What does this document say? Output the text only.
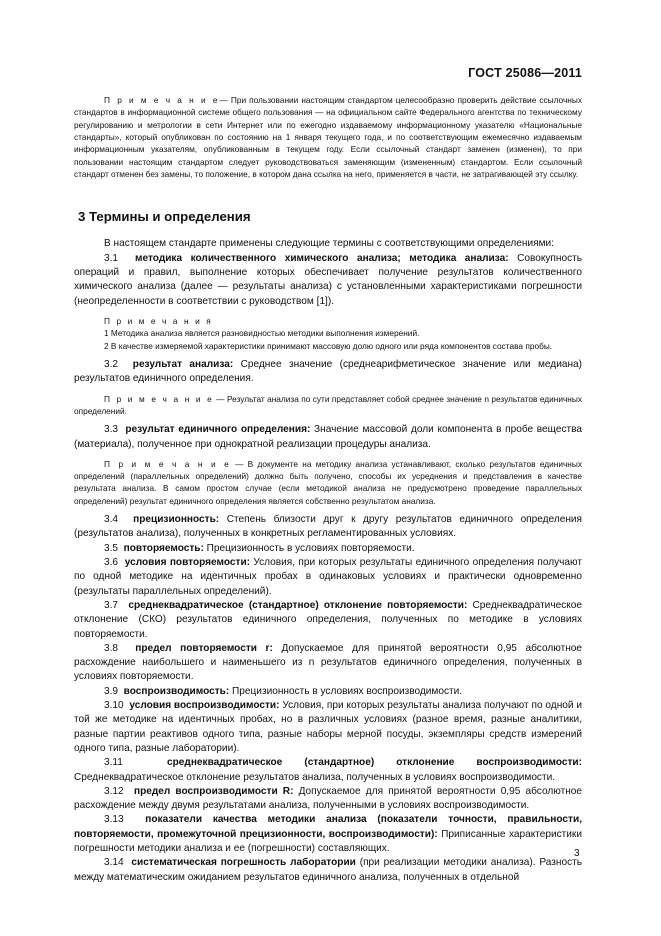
ГОСТ 25086—2011

П р и м е ч а н и е— При пользовании настоящим стандартом целесообразно проверить действие ссылочных стандартов в информационной системе общего пользования — на официальном сайте Федерального агентства по техническому регулированию и метрологии в сети Интернет или по ежегодно издаваемому информационному указателю «Национальные стандарты», который опубликован по состоянию на 1 января текущего года, и по соответствующим ежемесячно издаваемым информационным указателям, опубликованным в текущем году. Если ссылочный стандарт заменен (изменен), то при пользовании настоящим стандартом следует руководствоваться заменяющим (измененным) стандартом. Если ссылочный стандарт отменен без замены, то положение, в котором дана ссылка на него, применяется в части, не затрагивающей эту ссылку.

3 Термины и определения

В настоящем стандарте применены следующие термины с соответствующими определениями:

3.1 методика количественного химического анализа; методика анализа: Совокупность операций и правил, выполнение которых обеспечивает получение результатов количественного химического анализа (далее — результаты анализа) с установленными характеристиками погрешности (неопределенности в соответствии с руководством [1]).

П р и м е ч а н и я

1 Методика анализа является разновидностью методики выполнения измерений.

2 В качестве измеряемой характеристики принимают массовую долю одного или ряда компонентов состава пробы.

3.2 результат анализа: Среднее значение (среднеарифметическое значение или медиана) результатов единичного определения.

П р и м е ч а н и е — Результат анализа по сути представляет собой среднее значение n результатов единичных определений.

3.3 результат единичного определения: Значение массовой доли компонента в пробе вещества (материала), полученное при однократной реализации процедуры анализа.

П р и м е ч а н и е — В документе на методику анализа устанавливают, сколько результатов единичных определений (параллельных определений) должно быть получено, способы их усреднения и представления в качестве результата анализа. В самом простом случае (если методикой анализа не предусмотрено проведение параллельных определений) результат единичного определения является собственно результатом анализа.

3.4 прецизионность: Степень близости друг к другу результатов единичного определения (результатов анализа), полученных в конкретных регламентированных условиях.

3.5 повторяемость: Прецизионность в условиях повторяемости.

3.6 условия повторяемости: Условия, при которых результаты единичного определения получают по одной методике на идентичных пробах в одинаковых условиях и практически одновременно (результаты параллельных определений).

3.7 среднеквадратическое (стандартное) отклонение повторяемости: Среднеквадратическое отклонение (СКО) результатов единичного определения, полученных по методике в условиях повторяемости.

3.8 предел повторяемости r: Допускаемое для принятой вероятности 0,95 абсолютное расхождение наибольшего и наименьшего из n результатов единичного определения, полученных в условиях повторяемости.

3.9 воспроизводимость: Прецизионность в условиях воспроизводимости.

3.10 условия воспроизводимости: Условия, при которых результаты анализа получают по одной и той же методике на идентичных пробах, но в различных условиях (разное время, разные аналитики, разные партии реактивов одного типа, разные наборы мерной посуды, экземпляры средств измерений одного типа, разные лаборатории).

3.11	среднеквадратическое (стандартное) отклонение воспроизводимости: Среднеквадратическое отклонение результатов анализа, полученных в условиях воспроизводимости.

3.12 предел воспроизводимости R: Допускаемое для принятой вероятности 0,95 абсолютное расхождение между двумя результатами анализа, полученными в условиях воспроизводимости.

3.13 показатели качества методики анализа (показатели точности, правильности, повторяемости, промежуточной прецизионности, воспроизводимости): Приписанные характеристики погрешности методики анализа и ее (погрешности) составляющих.

3.14 систематическая погрешность лаборатории (при реализации методики анализа). Разность между математическим ожиданием результатов единичного анализа, полученных в отдельной

3
